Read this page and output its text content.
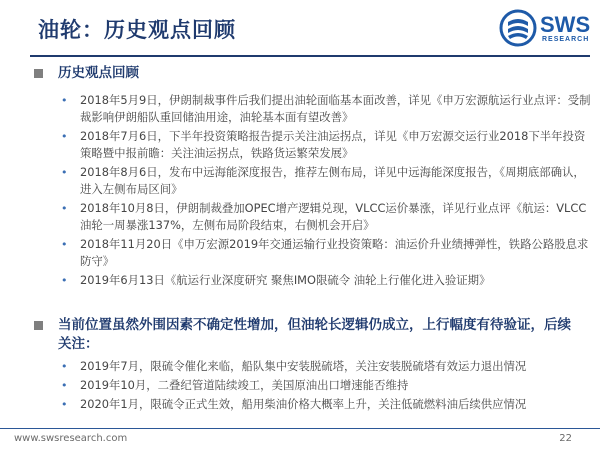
油轮：历史观点回顾	SWS
RESEARCH
历史观点回顾
• 2018年5月9日，伊朗制裁事件后我们提出油轮面临基本面改善，详见《申万宏源航运行业点评：受制裁影响伊朗船队重回储油用途，油轮基本面有望改善》
• 2018年7月6日，下半年投资策略报告提示关注油运拐点，详见《申万宏源交运行业2018下半年投资策略暨中报前瞻：关注油运拐点，铁路货运繁荣发展》
• 2018年8月6日，发布中远海能深度报告，推荐左侧布局，详见中远海能深度报告，《周期底部确认，进入左侧布局区间》
• 2018年10月8日，伊朗制裁叠加OPEC增产逻辑兑现，VLCC运价暴涨，详见行业点评《航运：VLCC油轮一周暴涨137%，左侧布局阶段结束，右侧机会开启》
• 2018年11月20日《申万宏源2019年交通运输行业投资策略：油运价升业绩搏弹性，铁路公路股息求防守》
• 2019年6月13日《航运行业深度研究 聚焦IMO限硫令 油轮上行催化进入验证期》
当前位置虽然外围因素不确定性增加，但油轮长逻辑仍成立，上行幅度有待验证，后续关注：
• 2019年7月，限硫令催化来临，船队集中安装脱硫塔，关注安装脱硫塔有效运力退出情况
• 2019年10月，二叠纪管道陆续竣工，美国原油出口增速能否维持
• 2020年1月，限硫令正式生效，船用柴油价格大概率上升，关注低硫燃料油后续供应情况
www.swsresearch.com	22
